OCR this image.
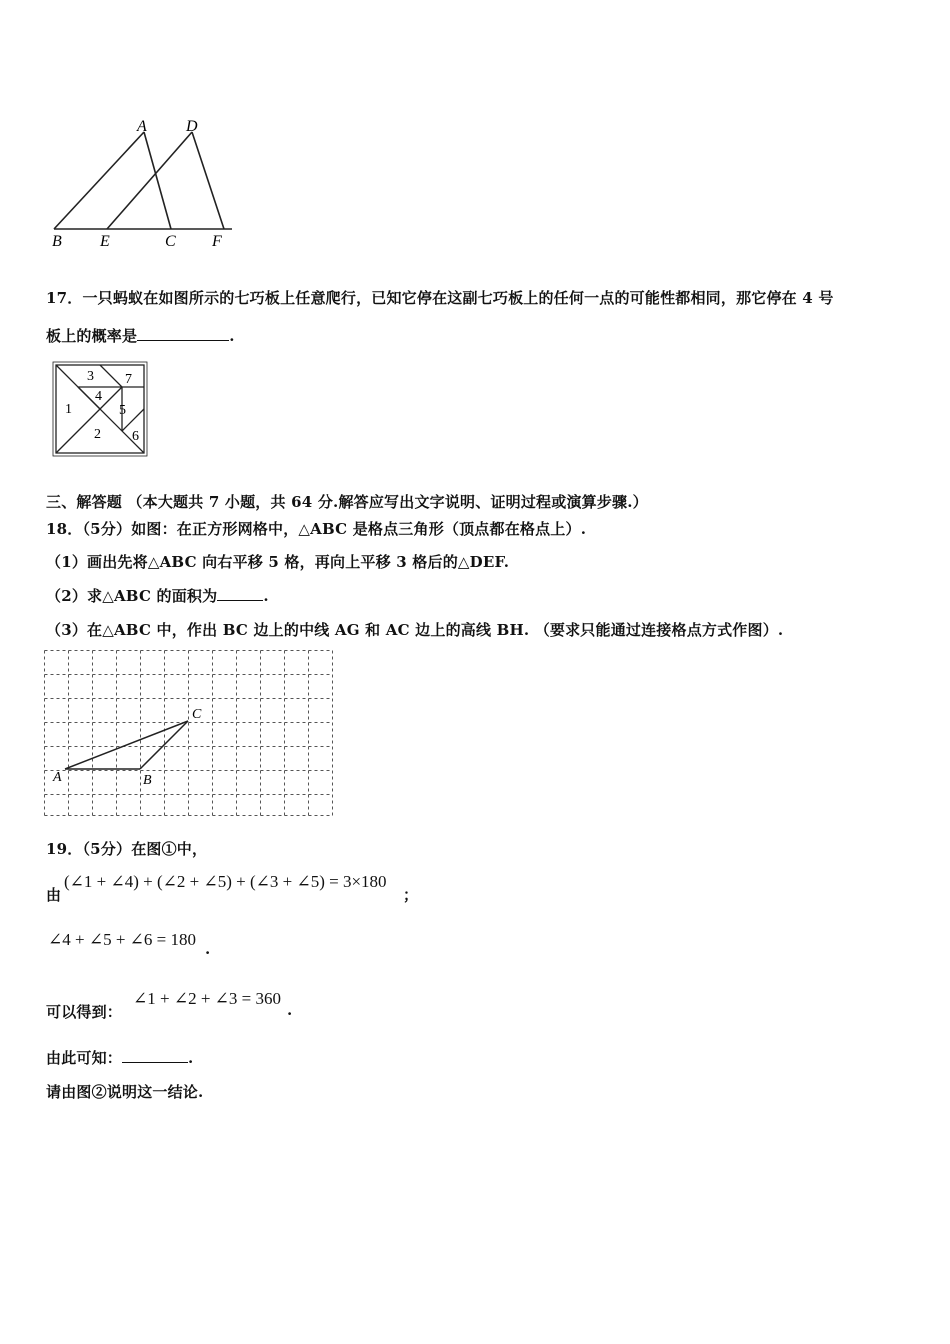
A D
B E	C F
17．一只蚂蚁在如图所示的七巧板上任意爬行，已知它停在这副七巧板上的任何一点的可能性都相同，那它停在 4 号
板上的概率是	.
1
2
3
4
5
6
7
三、解答题 （本大题共 7 小题，共 64 分.解答应写出文字说明、证明过程或演算步骤.）
18．（5分）如图：在正方形网格中，△ABC 是格点三角形（顶点都在格点上）.
（1）画出先将△ABC 向右平移 5 格，再向上平移 3 格后的△DEF.
（2）求△ABC 的面积为	.
（3）在△ABC 中，作出 BC 边上的中线 AG 和 AC 边上的高线 BH. （要求只能通过连接格点方式作图）.
A	B
C
19．（5分）在图①中，
由
(∠1 + ∠4) + (∠2 + ∠5) + (∠3 + ∠5) = 3×180
；
∠4 + ∠5 + ∠6 = 180 .
可以得到：
∠1 + ∠2 + ∠3 = 360
.
由此可知：	.
请由图②说明这一结论.
